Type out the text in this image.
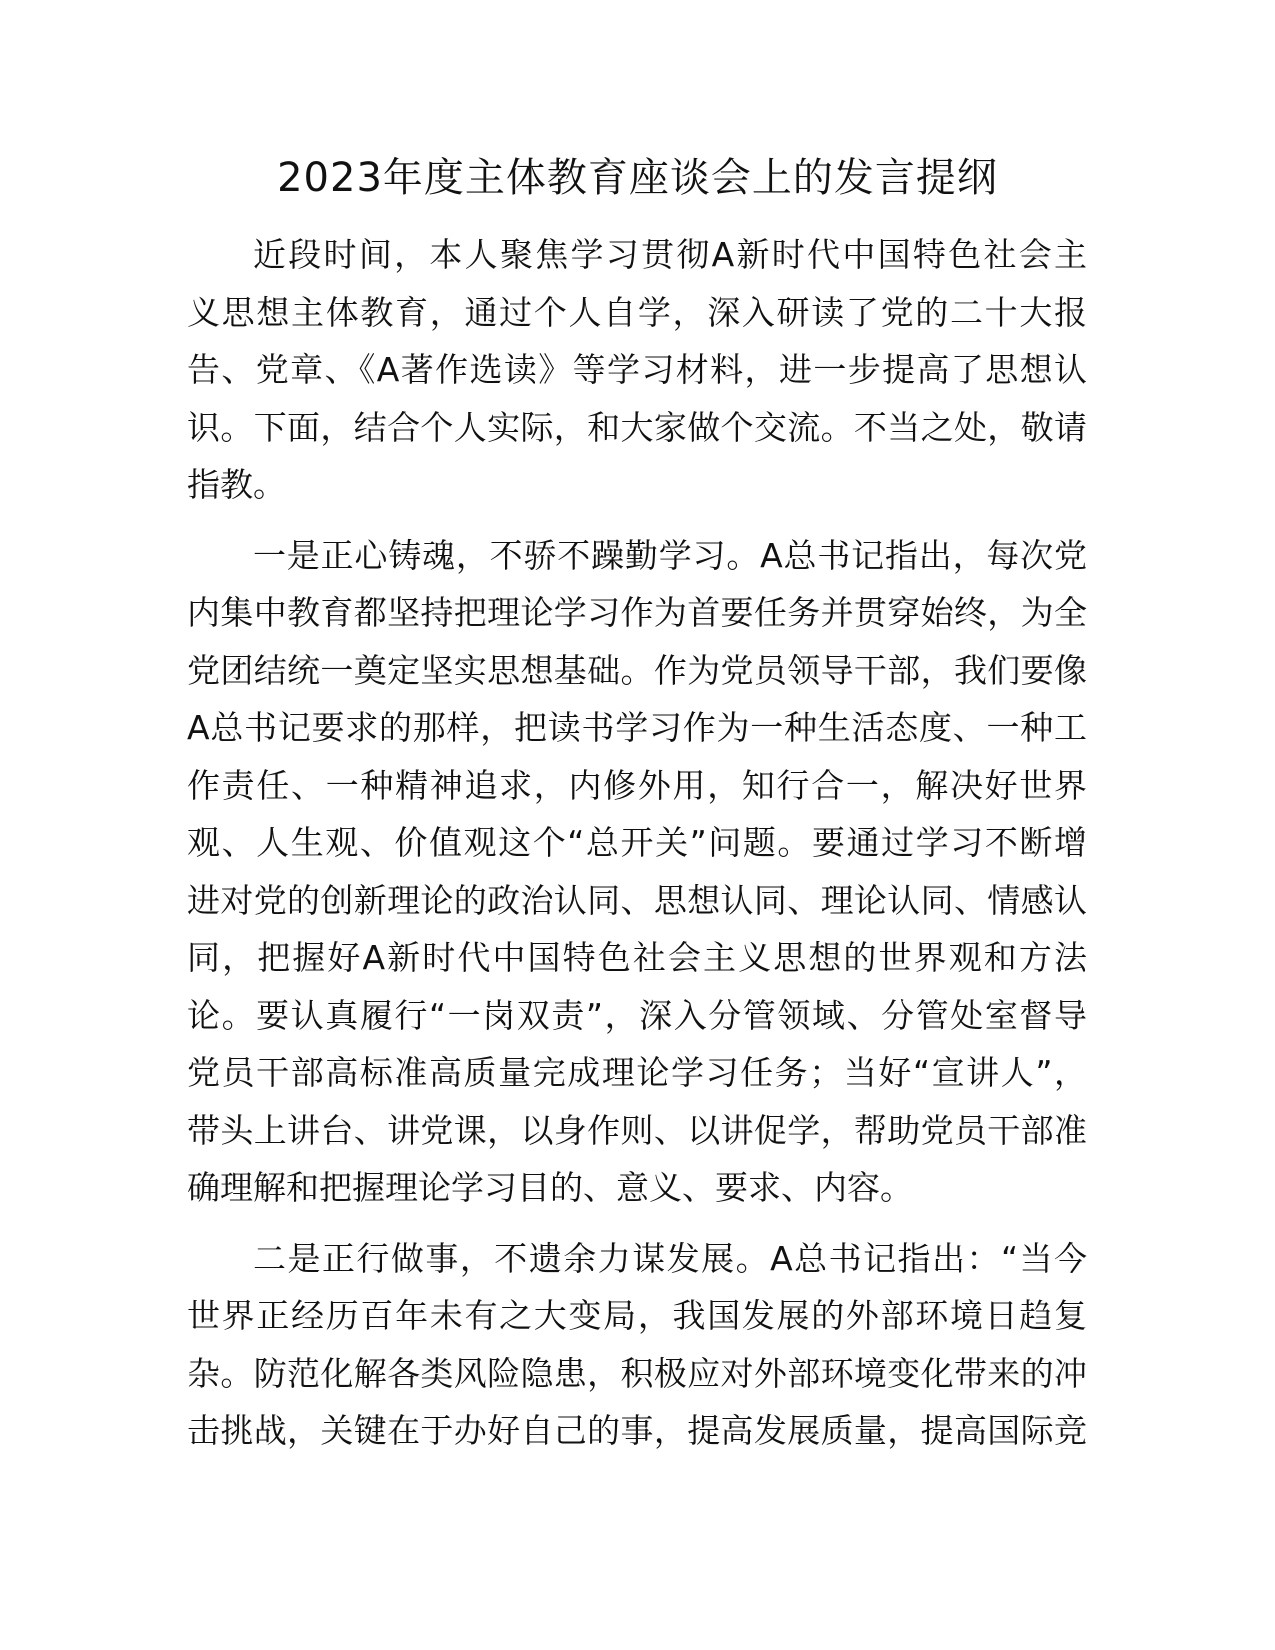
2023年度主体教育座谈会上的发言提纲
近段时间，本人聚焦学习贯彻A新时代中国特色社会主
义思想主体教育，通过个人自学，深入研读了党的二十大报
告、党章、《A著作选读》等学习材料，进一步提高了思想认
识。下面，结合个人实际，和大家做个交流。不当之处，敬请
指教。
一是正心铸魂，不骄不躁勤学习。A总书记指出，每次党
内集中教育都坚持把理论学习作为首要任务并贯穿始终，为全
党团结统一奠定坚实思想基础。作为党员领导干部，我们要像
A总书记要求的那样，把读书学习作为一种生活态度、一种工
作责任、一种精神追求，内修外用，知行合一，解决好世界
观、人生观、价值观这个“总开关”问题。要通过学习不断增
进对党的创新理论的政治认同、思想认同、理论认同、情感认
同，把握好A新时代中国特色社会主义思想的世界观和方法
论。要认真履行“一岗双责”，深入分管领域、分管处室督导
党员干部高标准高质量完成理论学习任务；当好“宣讲人”，
带头上讲台、讲党课，以身作则、以讲促学，帮助党员干部准
确理解和把握理论学习目的、意义、要求、内容。
二是正行做事，不遗余力谋发展。A总书记指出：“当今
世界正经历百年未有之大变局，我国发展的外部环境日趋复
杂。防范化解各类风险隐患，积极应对外部环境变化带来的冲
击挑战，关键在于办好自己的事，提高发展质量，提高国际竞
